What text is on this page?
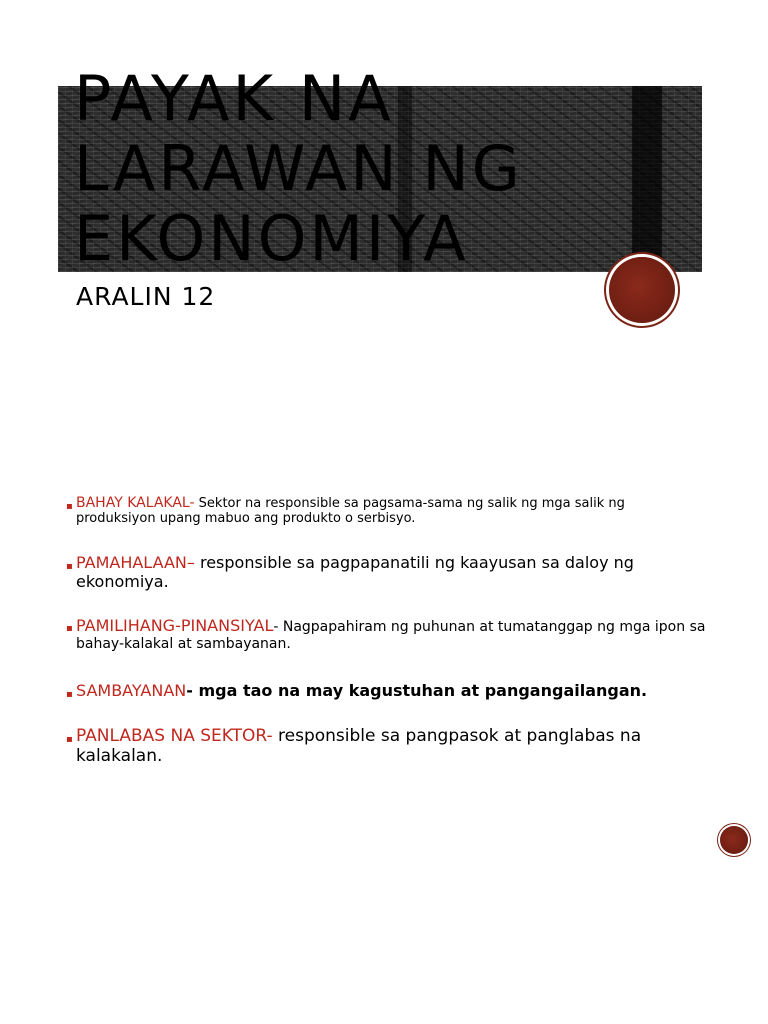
PAYAK NA
LARAWAN NG
EKONOMIYA
ARALIN 12
▪ BAHAY KALAKAL- Sektor na responsible sa pagsama-sama ng salik ng mga salik ng produksiyon upang mabuo ang produkto o serbisyo.
▪ PAMAHALAAN– responsible sa pagpapanatili ng kaayusan sa daloy ng ekonomiya.
▪ PAMILIHANG-PINANSIYAL- Nagpapahiram ng puhunan at tumatanggap ng mga ipon sa bahay-kalakal at sambayanan.
▪ SAMBAYANAN- mga tao na may kagustuhan at pangangailangan.
▪ PANLABAS NA SEKTOR- responsible sa pangpasok at panglabas na kalakalan.
